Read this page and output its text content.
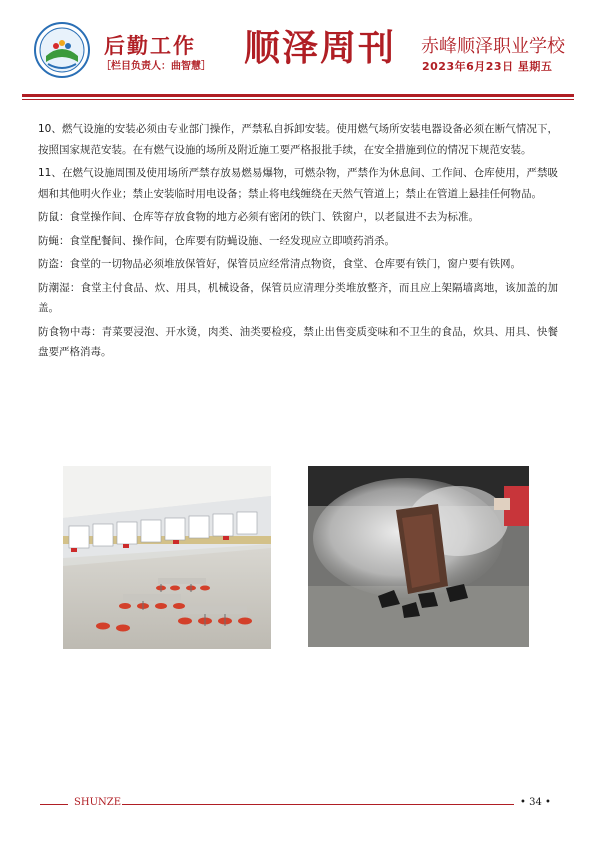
后勤工作
［栏目负责人：曲智慧］ 顺泽周刊 赤峰顺泽职业学校
2023年6月23日 星期五

10、燃气设施的安装必须由专业部门操作，严禁私自拆卸安装。使用燃气场所安装电器设备必须在断气情况下，按照国家规范安装。在有燃气设施的场所及附近施工要严格报批手续，在安全措施到位的情况下规范安装。

11、在燃气设施周围及使用场所严禁存放易燃易爆物，可燃杂物，严禁作为休息间、工作间、仓库使用，严禁吸烟和其他明火作业；禁止安装临时用电设备；禁止将电线缠绕在天然气管道上；禁止在管道上悬挂任何物品。

防鼠：食堂操作间、仓库等存放食物的地方必须有密闭的铁门、铁窗户，以老鼠进不去为标准。

防蝇：食堂配餐间、操作间，仓库要有防蝇设施、一经发现应立即喷药消杀。

防盗：食堂的一切物品必须堆放保管好，保管员应经常清点物资，食堂、仓库要有铁门，窗户要有铁网。

防潮湿：食堂主付食品、炊、用具，机械设备，保管员应清理分类堆放整齐，而且应上架隔墙离地，该加盖的加盖。

防食物中毒：青菜要浸泡、开水烫，肉类、油类要检疫，禁止出售变质变味和不卫生的食品，炊具、用具、快餐盘要严格消毒。

SHUNZE	• 34 •
